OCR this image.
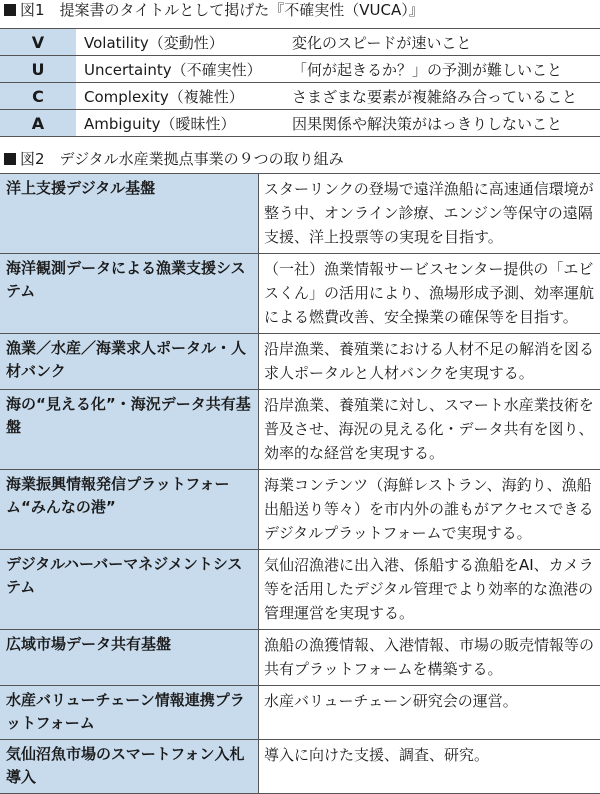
図1　提案書のタイトルとして掲げた『不確実性（VUCA）』
V	Volatility（変動性）	変化のスピードが速いこと
U	Uncertainty（不確実性）	「何が起きるか？」の予測が難しいこと
C	Complexity（複雑性）	さまざまな要素が複雑絡み合っていること
A	Ambiguity（曖昧性）	因果関係や解決策がはっきりしないこと
図2　デジタル水産業拠点事業の９つの取り組み
洋上支援デジタル基盤	スターリンクの登場で遠洋漁船に高速通信環境が整う中、オンライン診療、エンジン等保守の遠隔支援、洋上投票等の実現を目指す。
海洋観測データによる漁業支援システム	（一社）漁業情報サービスセンター提供の「エビスくん」の活用により、漁場形成予測、効率運航による燃費改善、安全操業の確保等を目指す。
漁業／水産／海業求人ポータル・人材バンク	沿岸漁業、養殖業における人材不足の解消を図る求人ポータルと人材バンクを実現する。
海の“見える化”・海況データ共有基盤	沿岸漁業、養殖業に対し、スマート水産業技術を普及させ、海況の見える化・データ共有を図り、効率的な経営を実現する。
海業振興情報発信プラットフォーム“みんなの港”	海業コンテンツ（海鮮レストラン、海釣り、漁船出船送り等々）を市内外の誰もがアクセスできるデジタルプラットフォームで実現する。
デジタルハーバーマネジメントシステム	気仙沼漁港に出入港、係船する漁船をAI、カメラ等を活用したデジタル管理でより効率的な漁港の管理運営を実現する。
広域市場データ共有基盤	漁船の漁獲情報、入港情報、市場の販売情報等の共有プラットフォームを構築する。
水産バリューチェーン情報連携プラットフォーム	水産バリューチェーン研究会の運営。
気仙沼魚市場のスマートフォン入札導入	導入に向けた支援、調査、研究。
